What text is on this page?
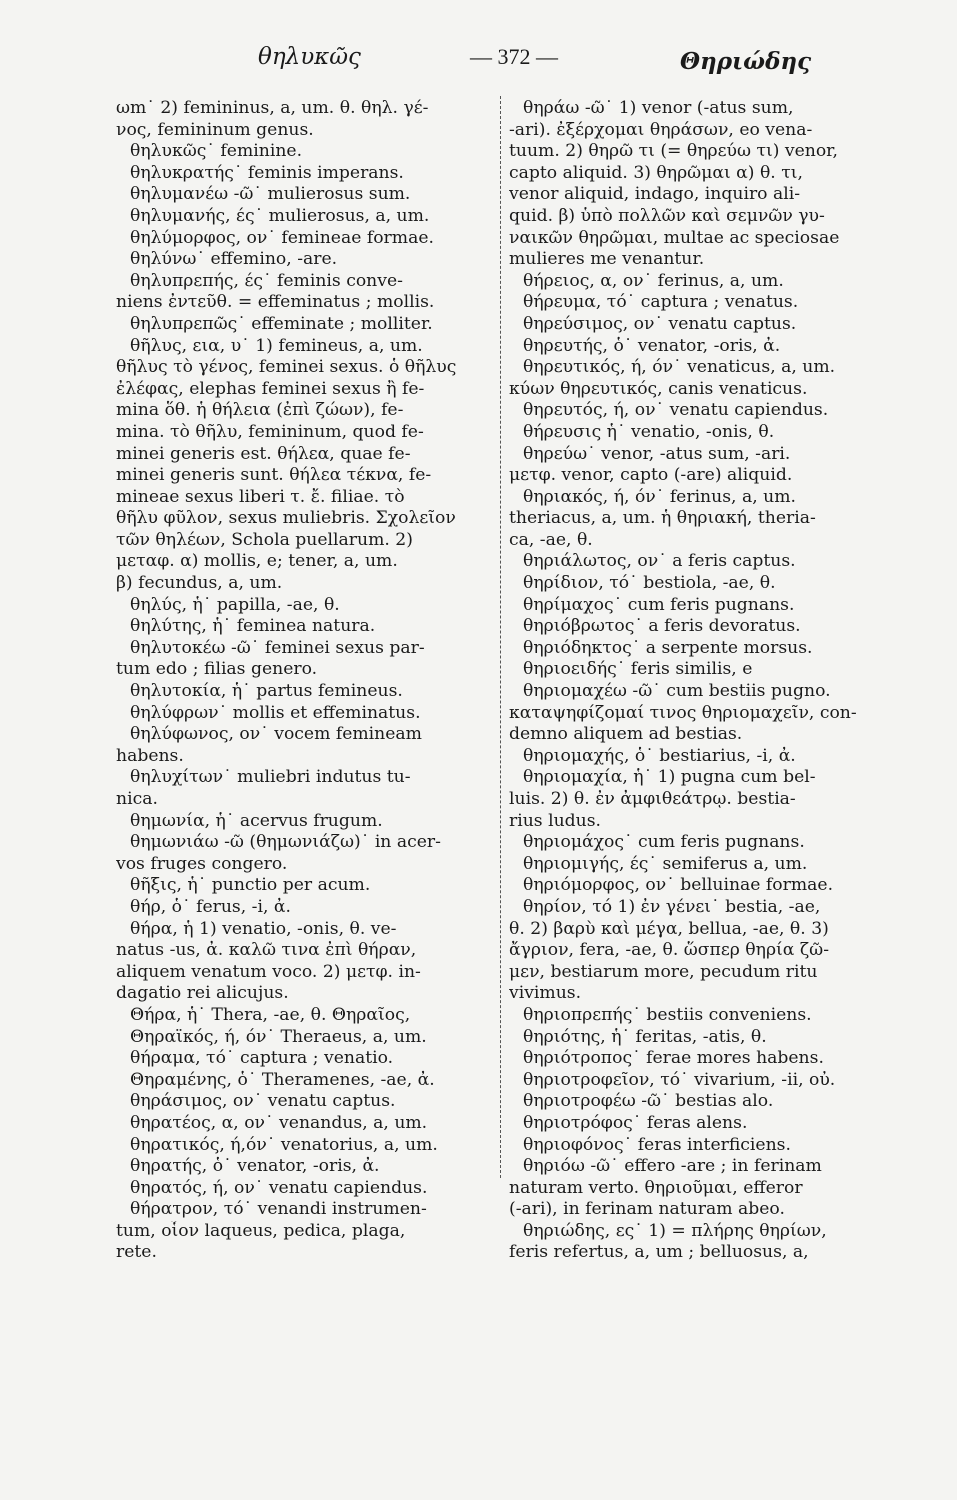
θηλυκῶς	— 372 —	Θηριώδης
ωm˙ 2) femininus, a, um. θ. θηλ. γέ-
νος, femininum genus.
θηλυκῶς˙ feminine.
θηλυκρατής˙ feminis imperans.
θηλυμανέω -ῶ˙ mulierosus sum.
θηλυμανής, ές˙ mulierosus, a, um.
θηλύμορφος, ον˙ femineae formae.
θηλύνω˙ effemino, -are.
θηλυπρεπής, ές˙ feminis conve-
niens ἐντεῦθ. = effeminatus ; mollis.
θηλυπρεπῶς˙ effeminate ; molliter.
θῆλυς, εια, υ˙ 1) femineus, a, um.
θῆλυς τὸ γένος, feminei sexus. ὁ θῆλυς
ἐλέφας, elephas feminei sexus ἢ fe-
mina ὅθ. ἡ θήλεια (ἐπὶ ζώων), fe-
mina. τὸ θῆλυ, femininum, quod fe-
minei generis est. θήλεα, quae fe-
minei generis sunt. θήλεα τέκνα, fe-
mineae sexus liberi τ. ἔ. filiae. τὸ
θῆλυ φῦλον, sexus muliebris. Σχολεῖον
τῶν θηλέων, Schola puellarum. 2)
μεταφ. α) mollis, e; tener, a, um.
β) fecundus, a, um.
θηλύς, ἡ˙ papilla, -ae, θ.
θηλύτης, ἡ˙ feminea natura.
θηλυτοκέω -ῶ˙ feminei sexus par-
tum edo ; filias genero.
θηλυτοκία, ἡ˙ partus femineus.
θηλύφρων˙ mollis et effeminatus.
θηλύφωνος, ον˙ vocem femineam
habens.
θηλυχίτων˙ muliebri indutus tu-
nica.
θημωνία, ἡ˙ acervus frugum.
θημωνιάω -ῶ (θημωνιάζω)˙ in acer-
vos fruges congero.
θῆξις, ἡ˙ punctio per acum.
θήρ, ὁ˙ ferus, -i, ἀ.
θήρα, ἡ 1) venatio, -onis, θ. ve-
natus -us, ἀ. καλῶ τινα ἐπὶ θήραν,
aliquem venatum voco. 2) μετφ. in-
dagatio rei alicujus.
Θήρα, ἡ˙ Thera, -ae, θ. Θηραῖος,
Θηραϊκός, ή, όν˙ Theraeus, a, um.
θήραμα, τό˙ captura ; venatio.
Θηραμένης, ὁ˙ Theramenes, -ae, ἀ.
θηράσιμος, ον˙ venatu captus.
θηρατέος, α, ον˙ venandus, a, um.
θηρατικός, ή,όν˙ venatorius, a, um.
θηρατής, ὁ˙ venator, -oris, ἀ.
θηρατός, ή, ον˙ venatu capiendus.
θήρατρον, τό˙ venandi instrumen-
tum, οἷον laqueus, pedica, plaga,
rete.
θηράω -ῶ˙ 1) venor (-atus sum,
-ari). ἐξέρχομαι θηράσων, eo vena-
tuum. 2) θηρῶ τι (= θηρεύω τι) venor,
capto aliquid. 3) θηρῶμαι α) θ. τι,
venor aliquid, indago, inquiro ali-
quid. β) ὑπὸ πολλῶν καὶ σεμνῶν γυ-
ναικῶν θηρῶμαι, multae ac speciosae
mulieres me venantur.
θήρειος, α, ον˙ ferinus, a, um.
θήρευμα, τό˙ captura ; venatus.
θηρεύσιμος, ον˙ venatu captus.
θηρευτής, ὁ˙ venator, -oris, ἀ.
θηρευτικός, ή, όν˙ venaticus, a, um.
κύων θηρευτικός, canis venaticus.
θηρευτός, ή, ον˙ venatu capiendus.
θήρευσις ἡ˙ venatio, -onis, θ.
θηρεύω˙ venor, -atus sum, -ari.
μετφ. venor, capto (-are) aliquid.
θηριακός, ή, όν˙ ferinus, a, um.
theriacus, a, um. ἡ θηριακή, theria-
ca, -ae, θ.
θηριάλωτος, ον˙ a feris captus.
θηρίδιον, τό˙ bestiola, -ae, θ.
θηρίμαχος˙ cum feris pugnans.
θηριόβρωτος˙ a feris devoratus.
θηριόδηκτος˙ a serpente morsus.
θηριοειδής˙ feris similis, e
θηριομαχέω -ῶ˙ cum bestiis pugno.
καταψηφίζομαί τινος θηριομαχεῖν, con-
demno aliquem ad bestias.
θηριομαχής, ὁ˙ bestiarius, -i, ἀ.
θηριομαχία, ἡ˙ 1) pugna cum bel-
luis. 2) θ. ἐν ἀμφιθεάτρῳ. bestia-
rius ludus.
θηριομάχος˙ cum feris pugnans.
θηριομιγής, ές˙ semiferus a, um.
θηριόμορφος, ον˙ belluinae formae.
θηρίον, τό 1) ἐν γένει˙ bestia, -ae,
θ. 2) βαρὺ καὶ μέγα, bellua, -ae, θ. 3)
ἄγριον, fera, -ae, θ. ὥσπερ θηρία ζῶ-
μεν, bestiarum more, pecudum ritu
vivimus.
θηριοπρεπής˙ bestiis conveniens.
θηριότης, ἡ˙ feritas, -atis, θ.
θηριότροπος˙ ferae mores habens.
θηριοτροφεῖον, τό˙ vivarium, -ii, οὐ.
θηριοτροφέω -ῶ˙ bestias alo.
θηριοτρόφος˙ feras alens.
θηριοφόνος˙ feras interficiens.
θηριόω -ῶ˙ effero -are ; in ferinam
naturam verto. θηριοῦμαι, efferor
(-ari), in ferinam naturam abeo.
θηριώδης, ες˙ 1) = πλήρης θηρίων,
feris refertus, a, um ; belluosus, a,
